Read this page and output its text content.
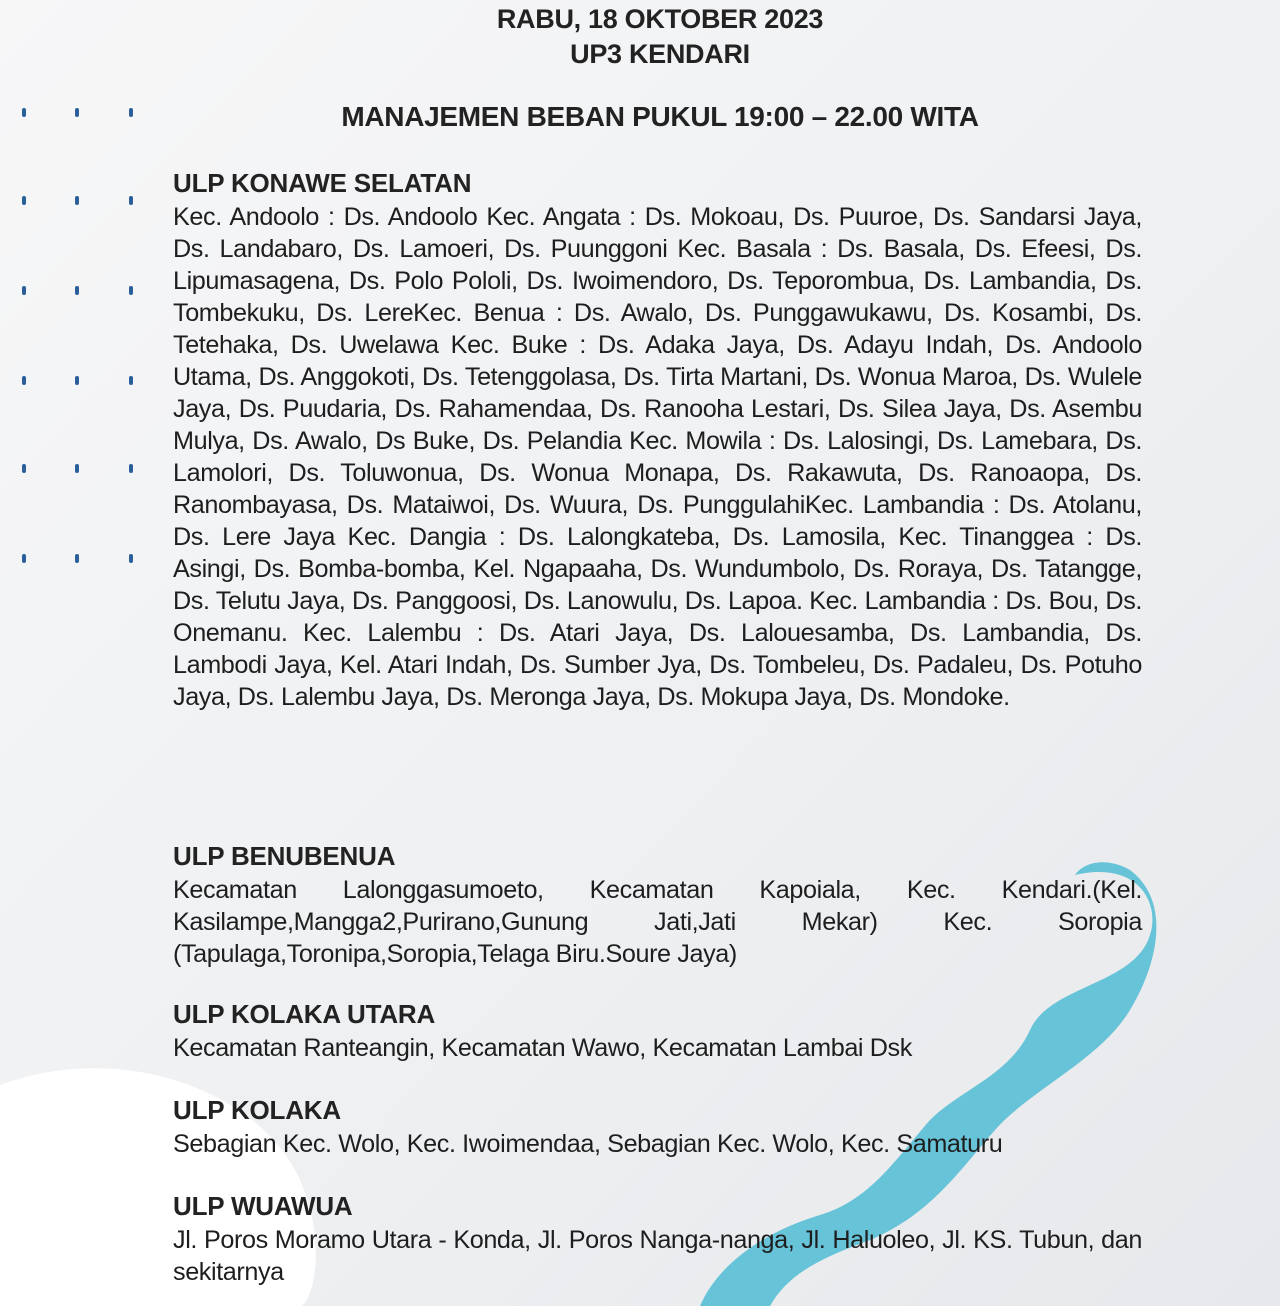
RABU, 18 OKTOBER 2023
UP3 KENDARI
MANAJEMEN BEBAN PUKUL 19:00 – 22.00 WITA
ULP KONAWE SELATAN

Kec. Andoolo : Ds. Andoolo Kec. Angata : Ds. Mokoau, Ds. Puuroe, Ds. Sandarsi Jaya, Ds. Landabaro, Ds. Lamoeri, Ds. Puunggoni Kec. Basala : Ds. Basala, Ds. Efeesi, Ds. Lipumasagena, Ds. Polo Pololi, Ds. Iwoimendoro, Ds. Teporombua, Ds. Lambandia, Ds. Tombekuku, Ds. LereKec. Benua : Ds. Awalo, Ds. Punggawukawu, Ds. Kosambi, Ds. Tetehaka, Ds. Uwelawa Kec. Buke : Ds. Adaka Jaya, Ds. Adayu Indah, Ds. Andoolo Utama, Ds. Anggokoti, Ds. Tetenggolasa, Ds. Tirta Martani, Ds. Wonua Maroa, Ds. Wulele Jaya, Ds. Puudaria, Ds. Rahamendaa, Ds. Ranooha Lestari, Ds. Silea Jaya, Ds. Asembu Mulya, Ds. Awalo, Ds Buke, Ds. Pelandia Kec. Mowila : Ds. Lalosingi, Ds. Lamebara, Ds. Lamolori, Ds. Toluwonua, Ds. Wonua Monapa, Ds. Rakawuta, Ds. Ranoaopa, Ds. Ranombayasa, Ds. Mataiwoi, Ds. Wuura, Ds. PunggulahiKec. Lambandia : Ds. Atolanu, Ds. Lere Jaya Kec. Dangia : Ds. Lalongkateba, Ds. Lamosila, Kec. Tinanggea : Ds. Asingi, Ds. Bomba-bomba, Kel. Ngapaaha, Ds. Wundumbolo, Ds. Roraya, Ds. Tatangge, Ds. Telutu Jaya, Ds. Panggoosi, Ds. Lanowulu, Ds. Lapoa. Kec. Lambandia : Ds. Bou, Ds. Onemanu. Kec. Lalembu : Ds. Atari Jaya, Ds. Lalouesamba, Ds. Lambandia, Ds. Lambodi Jaya, Kel. Atari Indah, Ds. Sumber Jya, Ds. Tombeleu, Ds. Padaleu, Ds. Potuho Jaya, Ds. Lalembu Jaya, Ds. Meronga Jaya, Ds. Mokupa Jaya, Ds. Mondoke.

ULP BENUBENUA

Kecamatan Lalonggasumoeto, Kecamatan Kapoiala, Kec. Kendari.(Kel. Kasilampe,Mangga2,Purirano,Gunung Jati,Jati Mekar) Kec. Soropia (Tapulaga,Toronipa,Soropia,Telaga Biru.Soure Jaya)

ULP KOLAKA UTARA

Kecamatan Ranteangin, Kecamatan Wawo, Kecamatan Lambai Dsk

ULP KOLAKA

Sebagian Kec. Wolo, Kec. Iwoimendaa, Sebagian Kec. Wolo, Kec. Samaturu

ULP WUAWUA

Jl. Poros Moramo Utara - Konda, Jl. Poros Nanga-nanga, Jl. Haluoleo, Jl. KS. Tubun, dan sekitarnya
